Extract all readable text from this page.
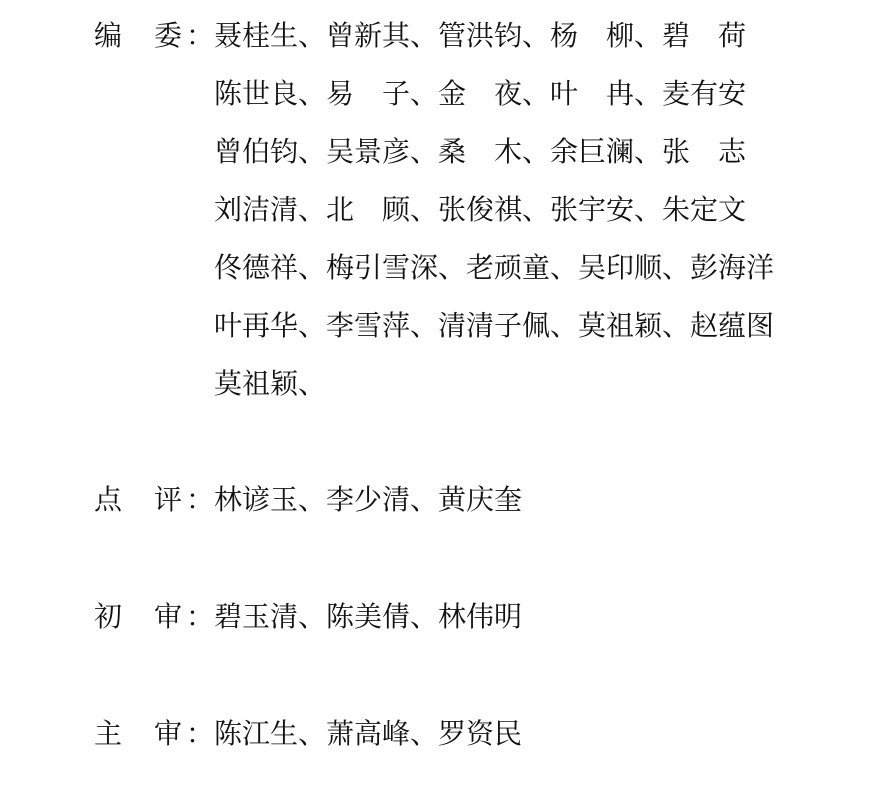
编 委 ： 聂桂生、曾新其、管洪钧、杨　柳、碧　荷
陈世良、易　子、金　夜、叶　冉、麦有安
曾伯钧、吴景彦、桑　木、余巨澜、张　志
刘洁清、北　顾、张俊祺、张宇安、朱定文
佟德祥、梅引雪深、老顽童、吴印顺、彭海洋
叶再华、李雪萍、清清子佩、莫祖颖、赵蕴图
莫祖颖、
点 评 ： 林谚玉、李少清、黄庆奎
初 审 ： 碧玉清、陈美倩、林伟明
主 审 ： 陈江生、萧高峰、罗资民
